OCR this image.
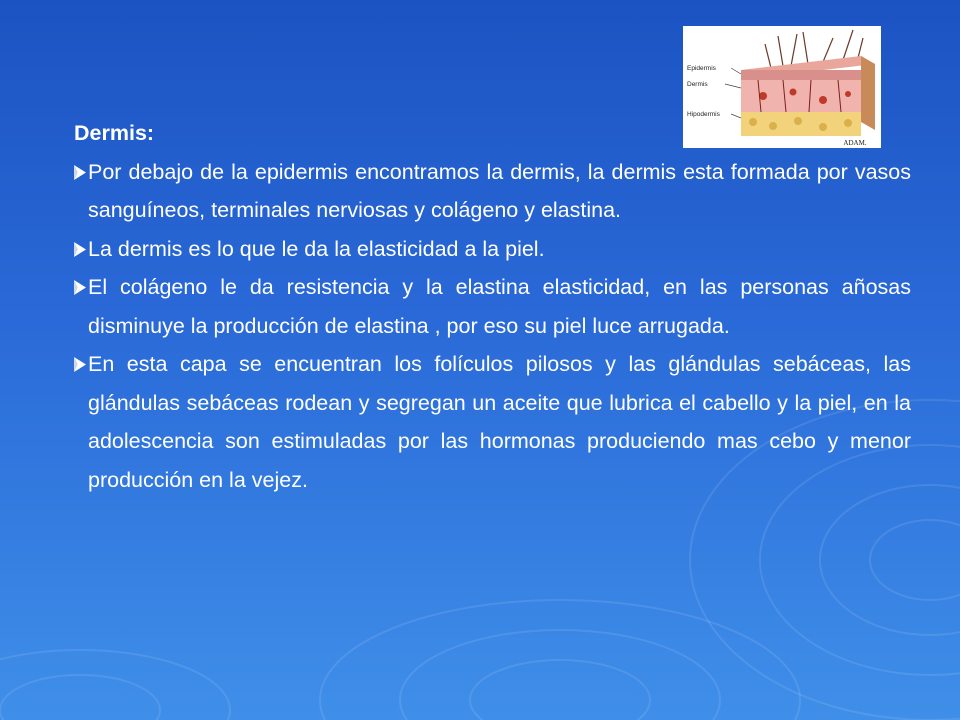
Epidermis
Dermis
Hipodermis
ADAM.

Dermis:

Por debajo de la epidermis encontramos la dermis, la dermis esta formada por vasos sanguíneos, terminales nerviosas y colágeno y elastina.

La dermis es lo que le da la elasticidad a la piel.

El colágeno le da resistencia y la elastina elasticidad, en las personas añosas disminuye la producción de elastina , por eso su piel luce arrugada.

En esta capa se encuentran los folículos pilosos y las glándulas sebáceas, las glándulas sebáceas rodean y segregan un aceite que lubrica el cabello y la piel, en la adolescencia son estimuladas por las hormonas produciendo mas cebo y menor producción en la vejez.
